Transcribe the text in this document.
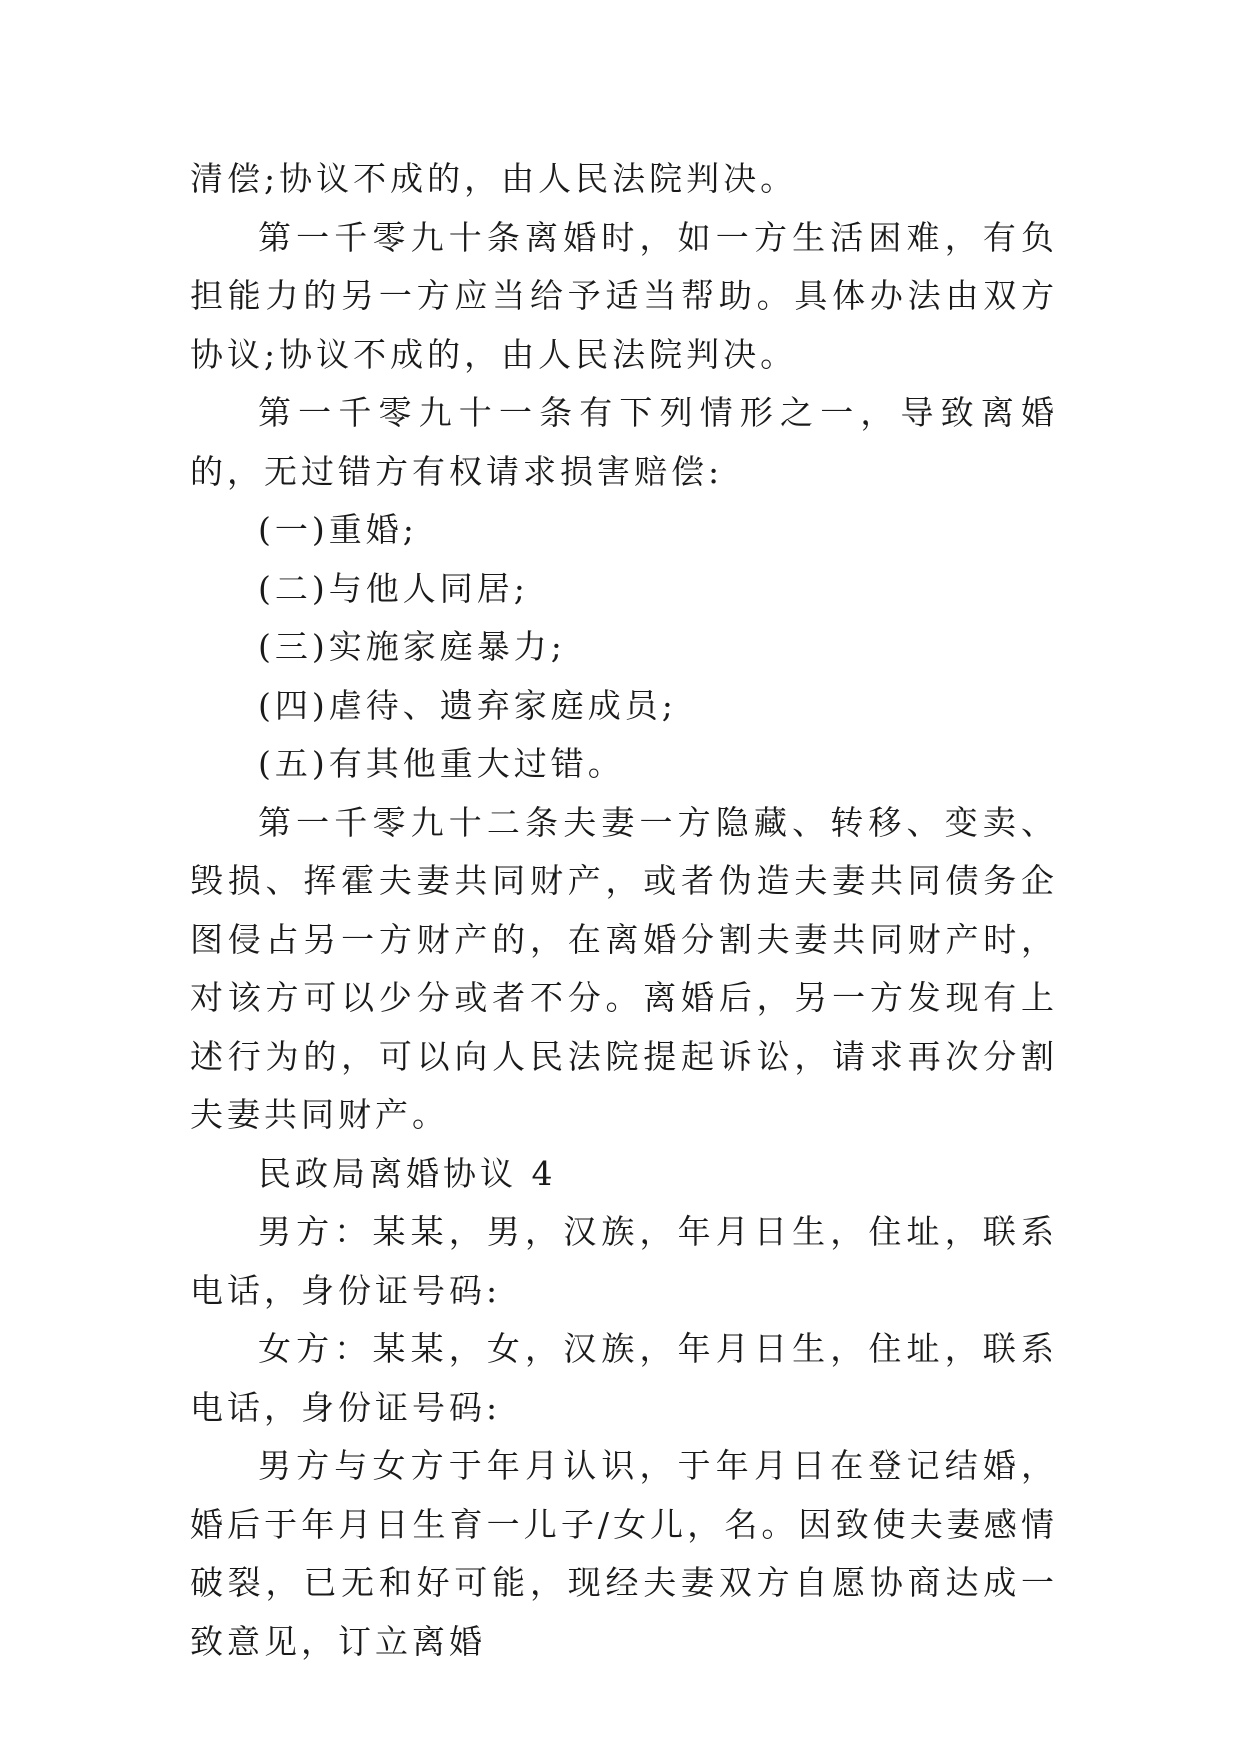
清偿;协议不成的，由人民法院判决。

第一千零九十条离婚时，如一方生活困难，有负担能力的另一方应当给予适当帮助。具体办法由双方协议;协议不成的，由人民法院判决。

第一千零九十一条有下列情形之一，导致离婚的，无过错方有权请求损害赔偿:

(一)重婚;

(二)与他人同居;

(三)实施家庭暴力;

(四)虐待、遗弃家庭成员;

(五)有其他重大过错。

第一千零九十二条夫妻一方隐藏、转移、变卖、毁损、挥霍夫妻共同财产，或者伪造夫妻共同债务企图侵占另一方财产的，在离婚分割夫妻共同财产时，对该方可以少分或者不分。离婚后，另一方发现有上述行为的，可以向人民法院提起诉讼，请求再次分割夫妻共同财产。

民政局离婚协议 4

男方：某某，男，汉族，年月日生，住址，联系电话，身份证号码:

女方：某某，女，汉族，年月日生，住址，联系电话，身份证号码:

男方与女方于年月认识，于年月日在登记结婚，婚后于年月日生育一儿子/女儿，名。因致使夫妻感情破裂，已无和好可能，现经夫妻双方自愿协商达成一致意见，订立离婚
